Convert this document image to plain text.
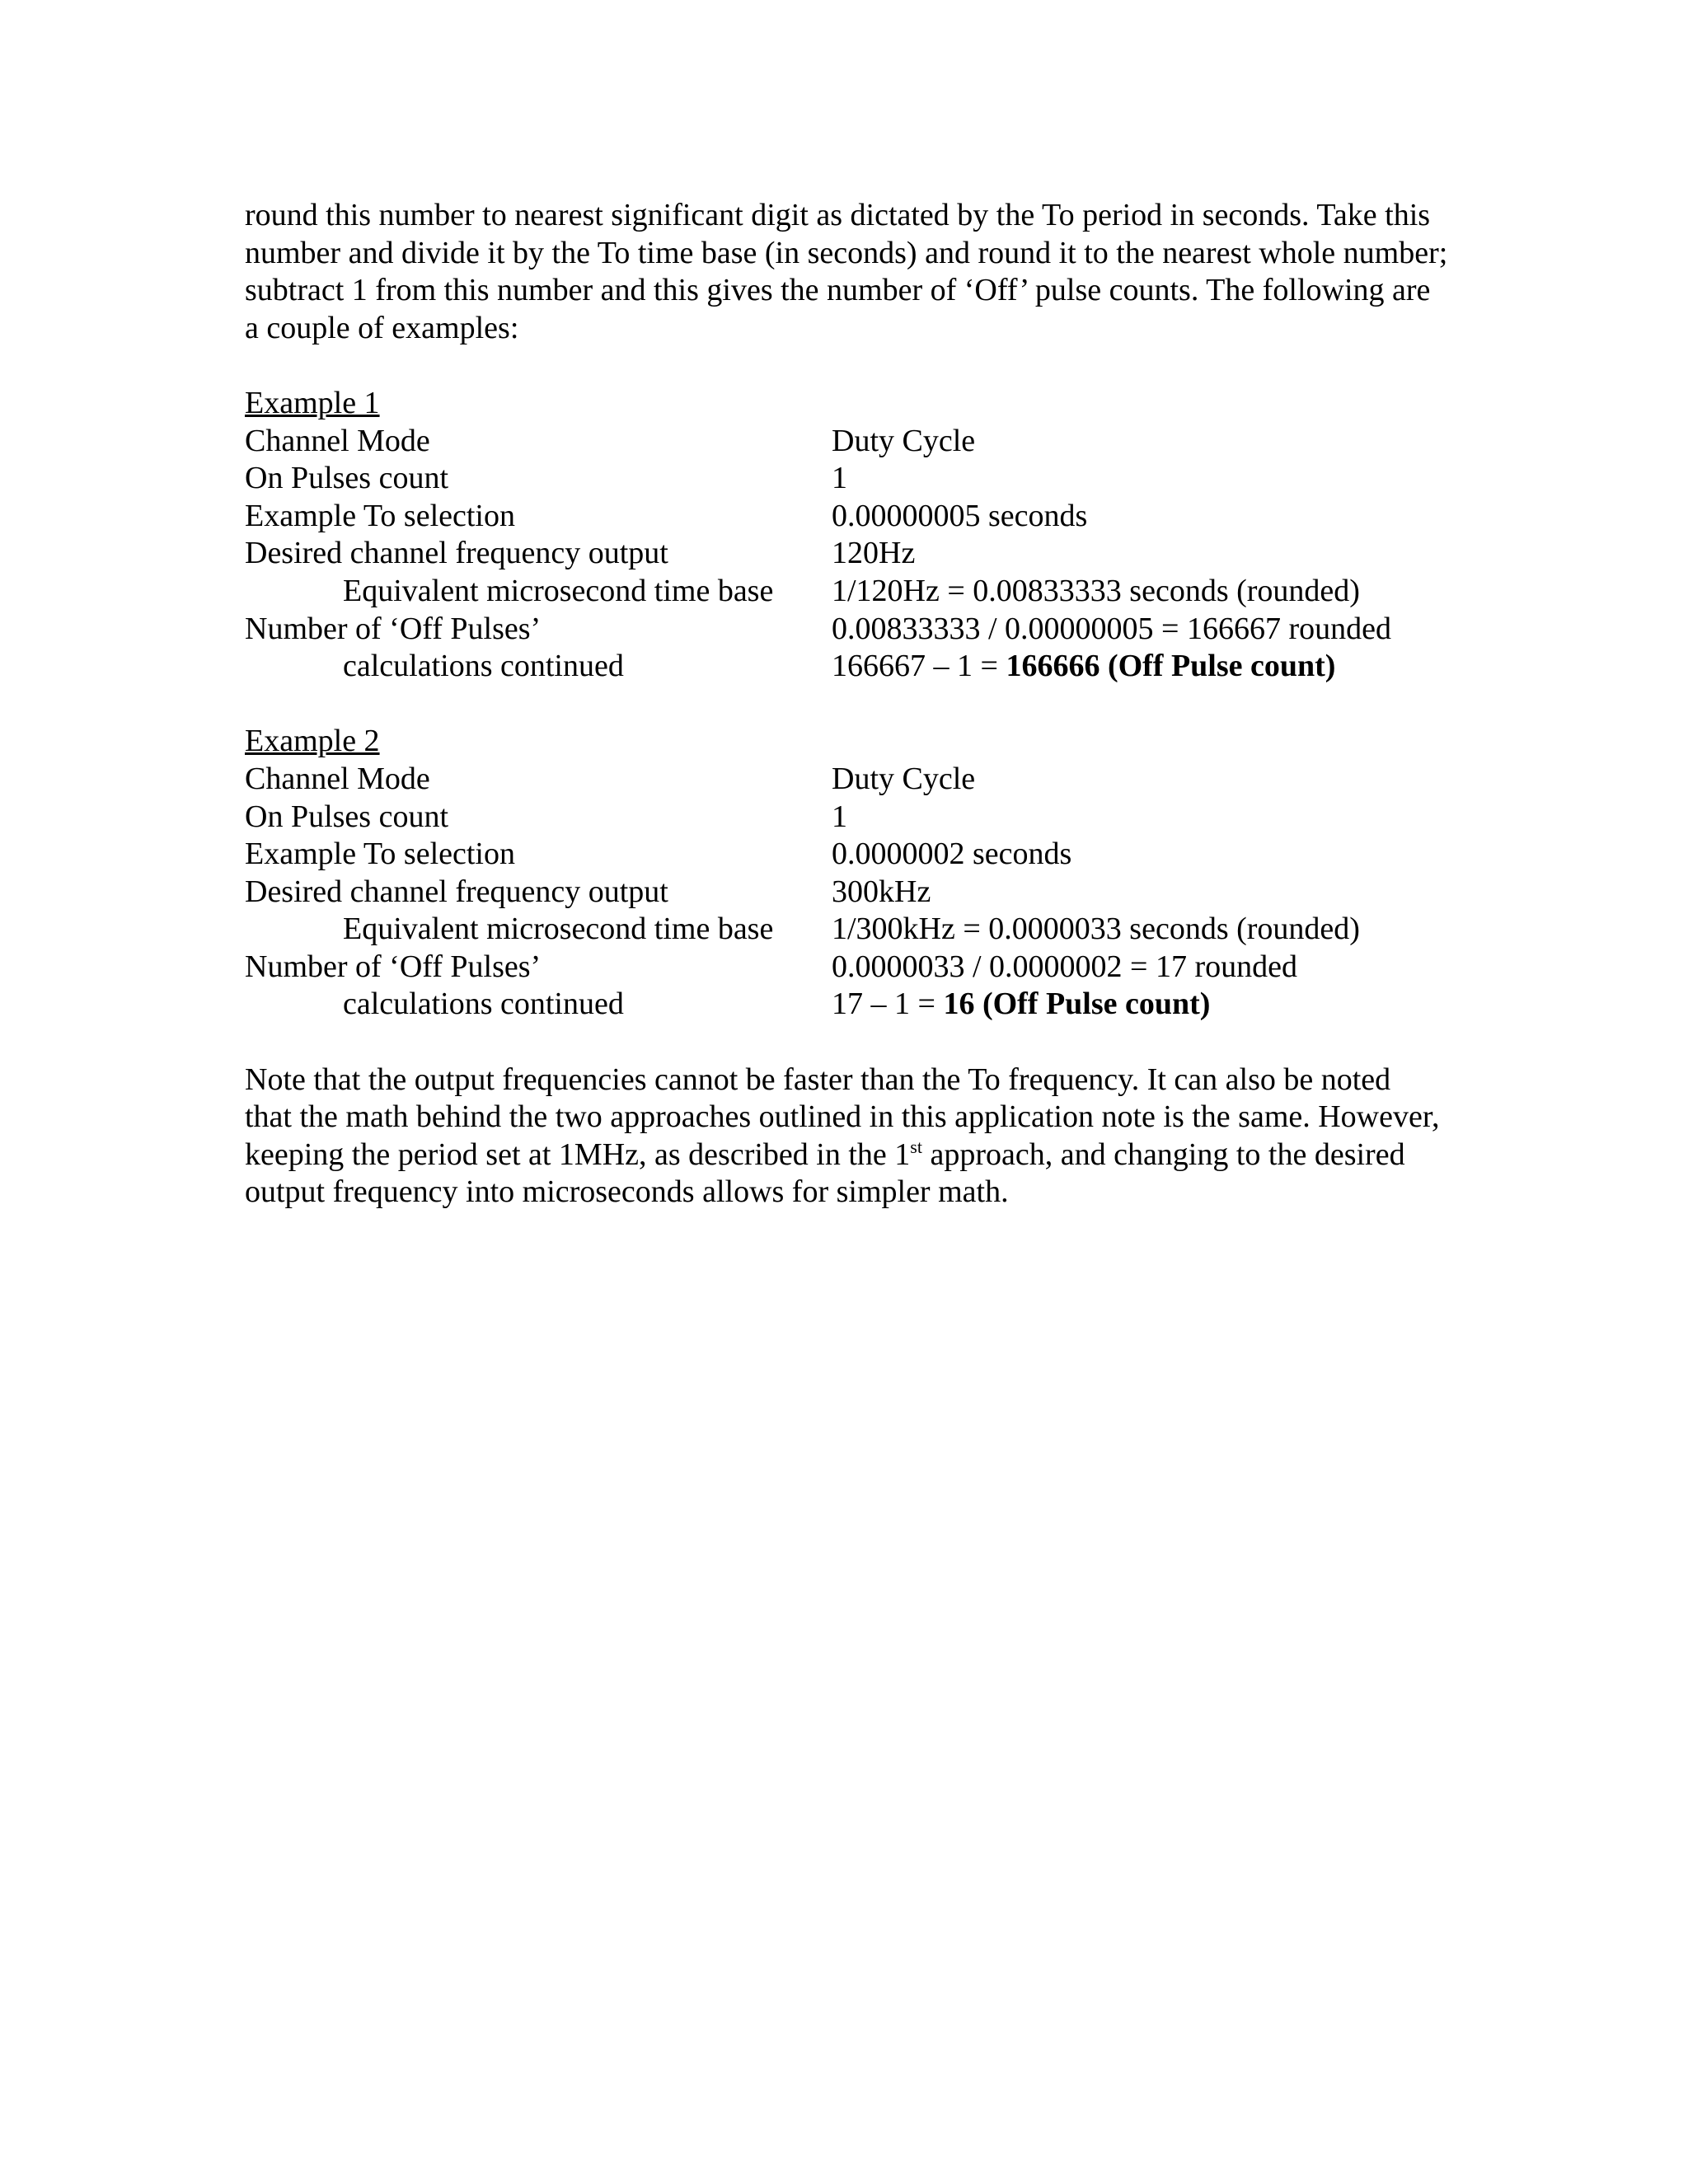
round this number to nearest significant digit as dictated by the To period in seconds. Take this

number and divide it by the To time base (in seconds) and round it to the nearest whole number;

subtract 1 from this number and this gives the number of ‘Off’ pulse counts. The following are

a couple of examples:

Example 1

Channel Mode	Duty Cycle
On Pulses count	1
Example To selection	0.00000005 seconds
Desired channel frequency output	120Hz
Equivalent microsecond time base	1/120Hz = 0.00833333 seconds (rounded)
Number of ‘Off Pulses’	0.00833333 / 0.00000005 = 166667 rounded
calculations continued	166667 – 1 = 166666 (Off Pulse count)

Example 2

Channel Mode	Duty Cycle
On Pulses count	1
Example To selection	0.0000002 seconds
Desired channel frequency output	300kHz
Equivalent microsecond time base	1/300kHz = 0.0000033 seconds (rounded)
Number of ‘Off Pulses’	0.0000033 / 0.0000002 = 17 rounded
calculations continued	17 – 1 = 16 (Off Pulse count)

Note that the output frequencies cannot be faster than the To frequency. It can also be noted

that the math behind the two approaches outlined in this application note is the same. However,

keeping the period set at 1MHz, as described in the 1st approach, and changing to the desired

output frequency into microseconds allows for simpler math.
